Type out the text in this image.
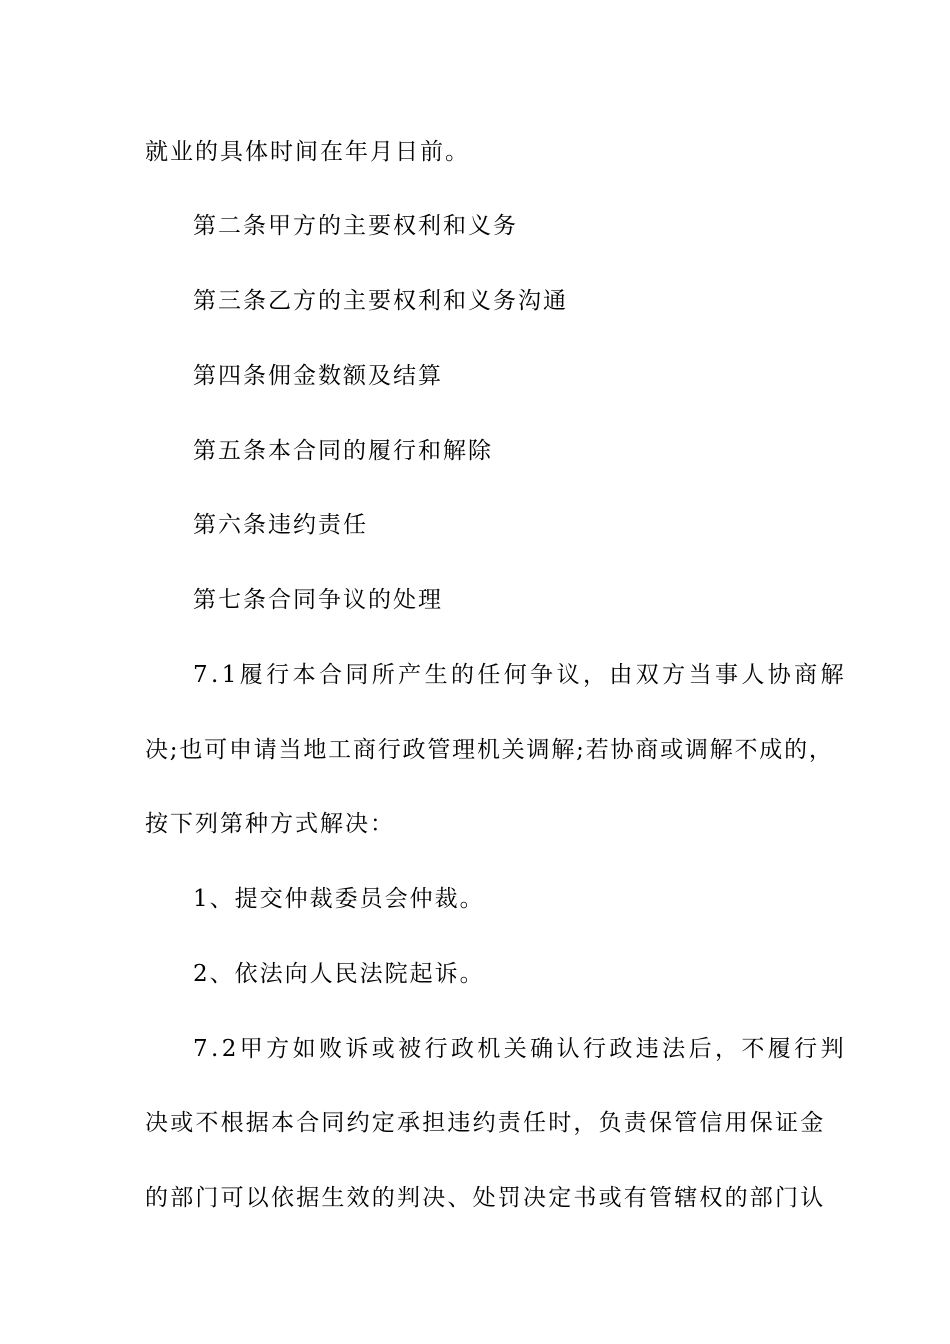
就业的具体时间在年月日前。
第二条甲方的主要权利和义务
第三条乙方的主要权利和义务沟通
第四条佣金数额及结算
第五条本合同的履行和解除
第六条违约责任
第七条合同争议的处理
7.1履行本合同所产生的任何争议，由双方当事人协商解
决;也可申请当地工商行政管理机关调解;若协商或调解不成的，
按下列第种方式解决：
1、提交仲裁委员会仲裁。
2、依法向人民法院起诉。
7.2甲方如败诉或被行政机关确认行政违法后，不履行判
决或不根据本合同约定承担违约责任时，负责保管信用保证金
的部门可以依据生效的判决、处罚决定书或有管辖权的部门认
